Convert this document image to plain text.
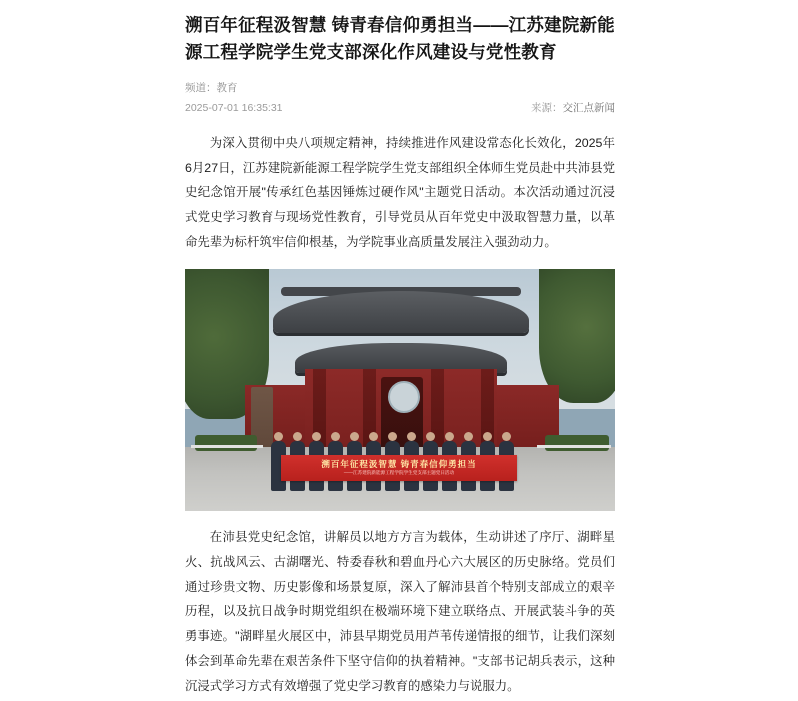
溯百年征程汲智慧 铸青春信仰勇担当——江苏建院新能源工程学院学生党支部深化作风建设与党性教育
频道：教育
2025-07-01 16:35:31	来源：交汇点新闻

为深入贯彻中央八项规定精神，持续推进作风建设常态化长效化，2025年6月27日，江苏建院新能源工程学院学生党支部组织全体师生党员赴中共沛县党史纪念馆开展"传承红色基因锤炼过硬作风"主题党日活动。本次活动通过沉浸式党史学习教育与现场党性教育，引导党员从百年党史中汲取智慧力量，以革命先辈为标杆筑牢信仰根基，为学院事业高质量发展注入强劲动力。

溯百年征程汲智慧 铸青春信仰勇担当
——江苏建院新能源工程学院学生党支部主题党日活动

在沛县党史纪念馆，讲解员以地方方言为载体，生动讲述了序厅、湖畔星火、抗战风云、古湖曙光、特委春秋和碧血丹心六大展区的历史脉络。党员们通过珍贵文物、历史影像和场景复原，深入了解沛县首个特别支部成立的艰辛历程，以及抗日战争时期党组织在极端环境下建立联络点、开展武装斗争的英勇事迹。"湖畔星火展区中，沛县早期党员用芦苇传递情报的细节，让我们深刻体会到革命先辈在艰苦条件下坚守信仰的执着精神。"支部书记胡兵表示，这种沉浸式学习方式有效增强了党史学习教育的感染力与说服力。
